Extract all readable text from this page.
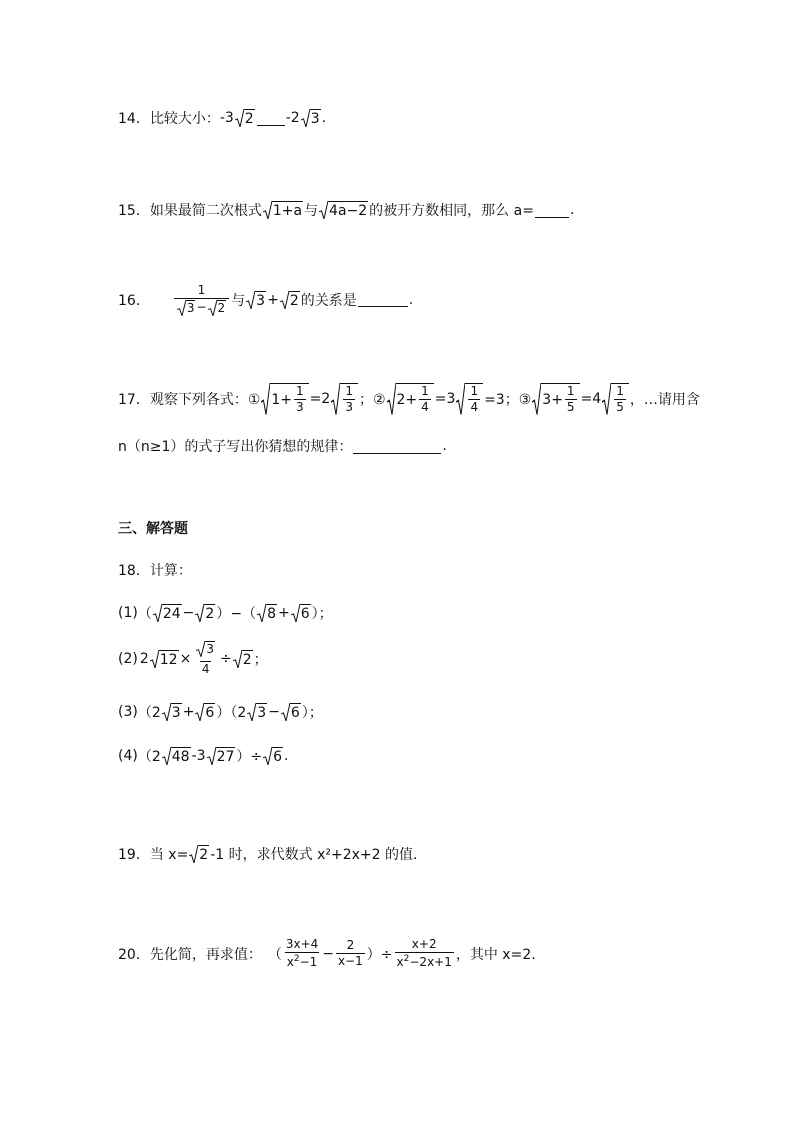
14． 比较大小： -3 2 -2 3 .
15． 如果最简二次根式 1+a 与 4a−2 的被开方数相同，那么 a=	.
16． $\frac{1}{3 - 2}$ 与 3 + 2 的关系是	.
17． 观察下列各式：① $1+ \frac{1}{3} =2 \frac{1}{3}$ ；② $2+ \frac{1}{4} =3 \frac{1}{4} =3$；③ $3+ \frac{1}{5} =4 \frac{1}{5}$ ，…请用含
n（n≥1）的式子写出你猜想的规律：	.
三、解答题
18． 计算：
(1) （ 24 − 2 ）−（ 8 + 6 ）；
(2) 2 $12 \times \frac{3}{4} \div 2$ ；
(3) （2 3 + 6 ）（2 3 − 6 ）；
(4) （2 48 -3 27 ）÷ 6 .
19． 当 x= 2 -1 时，求代数式 x²+2x+2 的值．
20． 先化简，再求值： （ $\frac{3x+4}{x^2-1} - \frac{2}{x-1}$ ）÷ $\frac{x+2}{x^2-2x+1}$ ，其中 x=2.
